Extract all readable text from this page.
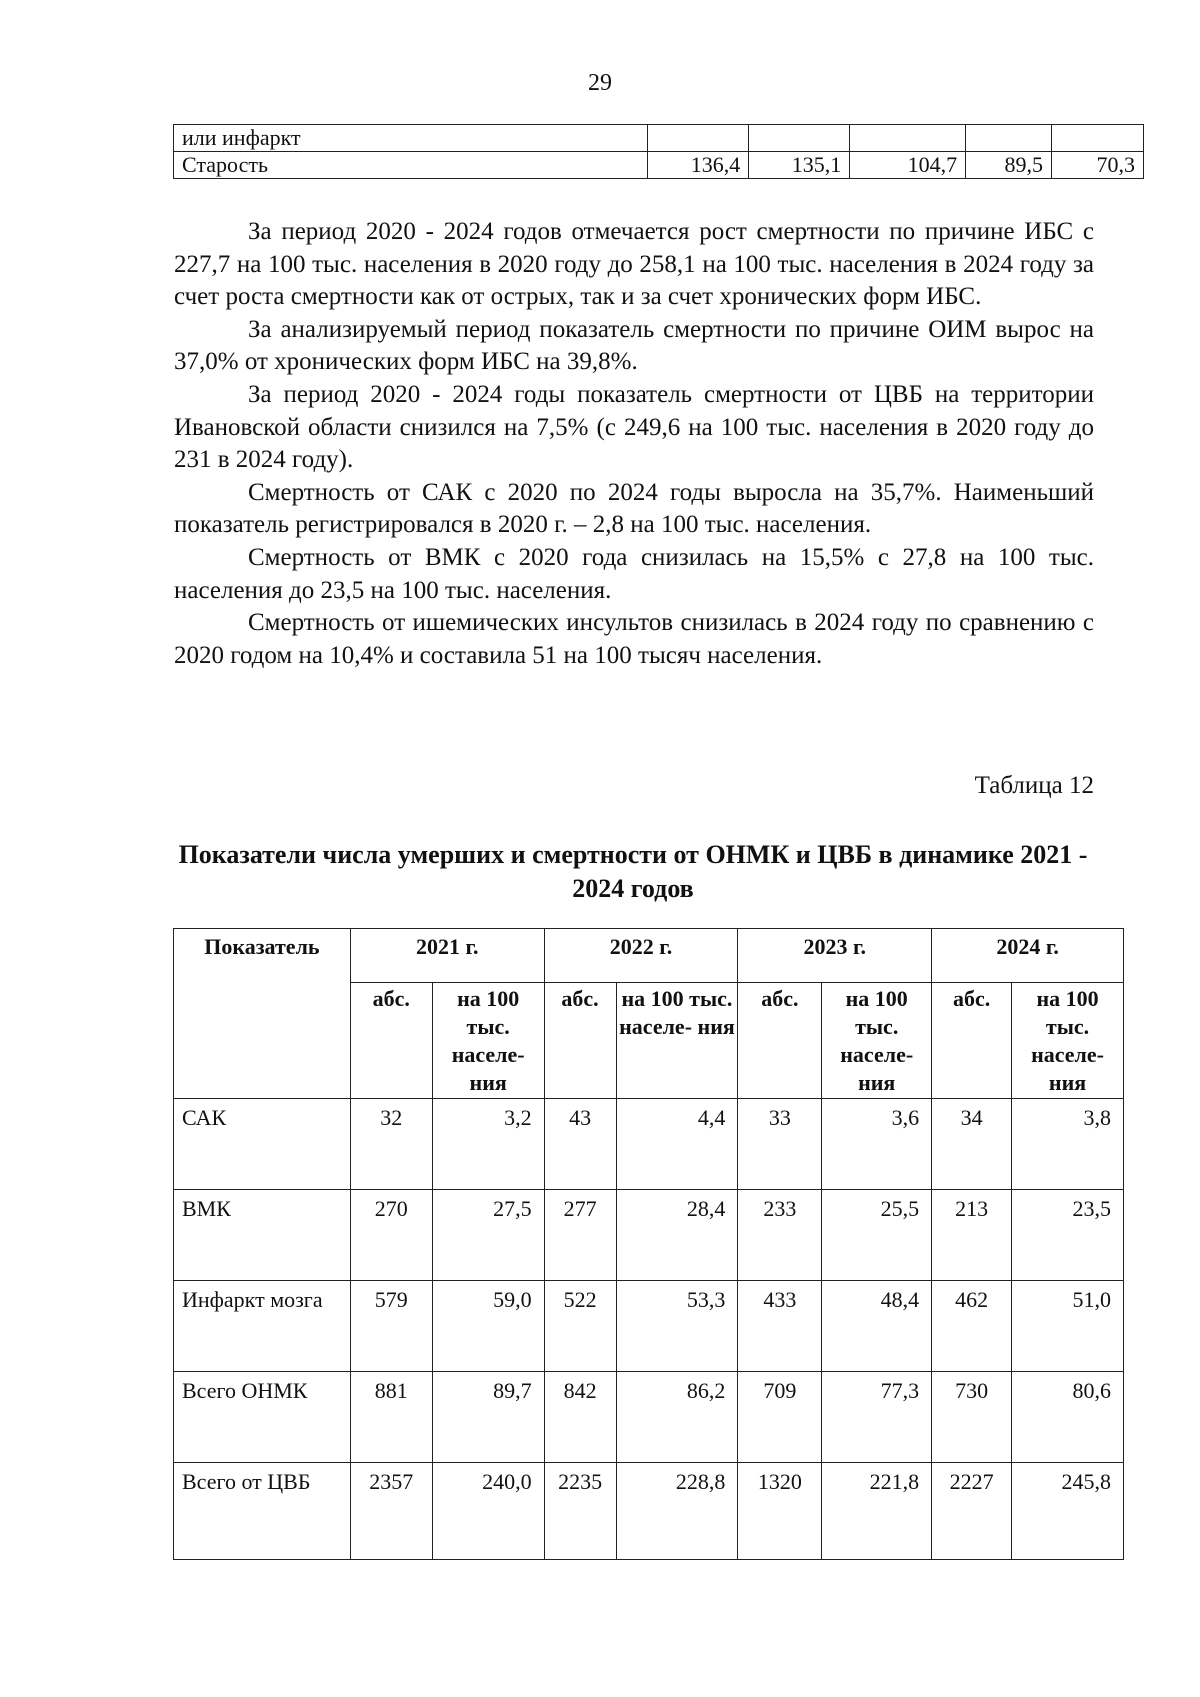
29
или инфаркт					
Старость	136,4	135,1	104,7	89,5	70,3

За период 2020 - 2024 годов отмечается рост смертности по причине ИБС с 227,7 на 100 тыс. населения в 2020 году до 258,1 на 100 тыс. населения в 2024 году за счет роста смертности как от острых, так и за счет хронических форм ИБС.

За анализируемый период показатель смертности по причине ОИМ вырос на 37,0% от хронических форм ИБС на 39,8%.

За период 2020 - 2024 годы показатель смертности от ЦВБ на территории Ивановской области снизился на 7,5% (с 249,6 на 100 тыс. населения в 2020 году до 231 в 2024 году).

Смертность от САК с 2020 по 2024 годы выросла на 35,7%. Наименьший показатель регистрировался в 2020 г. – 2,8 на 100 тыс. населения.

Смертность от ВМК с 2020 года снизилась на 15,5% с 27,8 на 100 тыс. населения до 23,5 на 100 тыс. населения.

Смертность от ишемических инсультов снизилась в 2024 году по сравнению с 2020 годом на 10,4% и составила 51 на 100 тысяч населения.

Таблица 12
Показатели числа умерших и смертности от ОНМК и ЦВБ в динамике 2021 - 2024 годов
Показатель	2021 г.		2022 г.		2023 г.		2024 г.	
	абс.	на 100 тыс. населе- ния	абс.	на 100 тыс. населе- ния	абс.	на 100 тыс. населе- ния	абс.	на 100 тыс. населе- ния
САК	32	3,2	43	4,4	33	3,6	34	3,8
ВМК	270	27,5	277	28,4	233	25,5	213	23,5
Инфаркт мозга	579	59,0	522	53,3	433	48,4	462	51,0
Всего ОНМК	881	89,7	842	86,2	709	77,3	730	80,6
Всего от ЦВБ	2357	240,0	2235	228,8	1320	221,8	2227	245,8
